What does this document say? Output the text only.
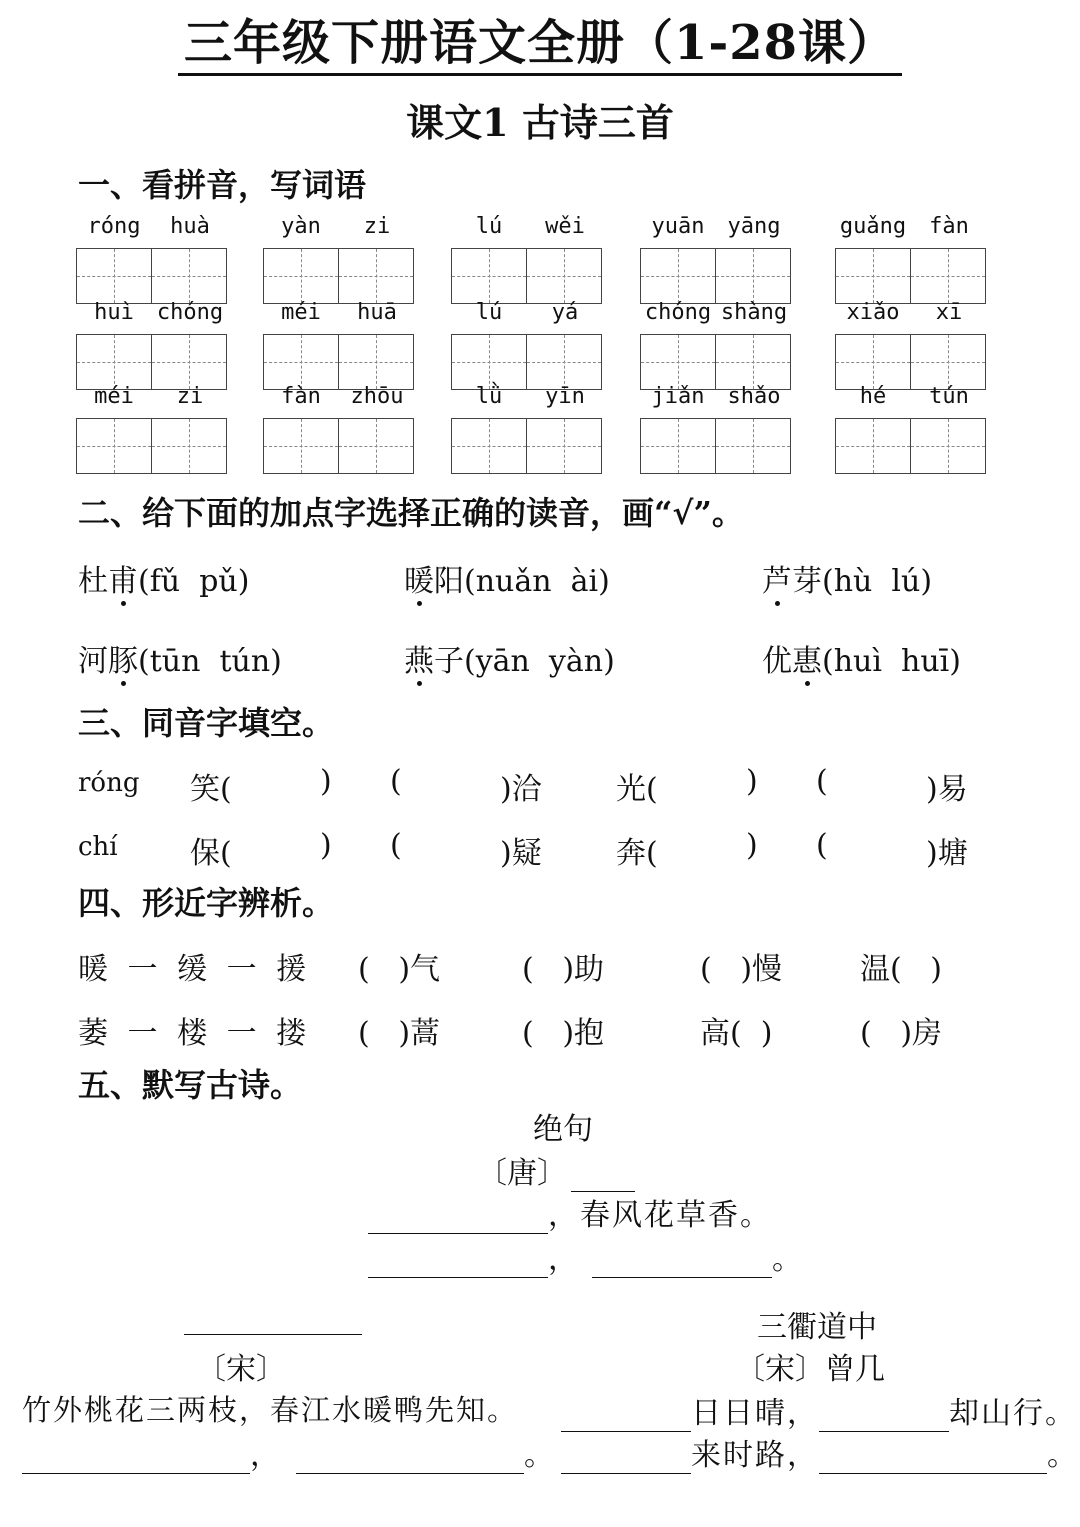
三年级下册语文全册（1-28课）
课文1 古诗三首
一、看拼音，写词语
róng	huà	yàn	zi	lú	wěi	yuān	yāng	guǎng	fàn
huì	chóng	méi	huā	lú	yá	chóng shàng	xiǎo	xī
méi	zi	fàn	zhōu	lǜ	yīn	jiǎn	shǎo	hé	tún
二、给下面的加点字选择正确的读音，画“√”。
杜甫(fǔ  pǔ)	暖阳(nuǎn  ài)	芦芽(hù  lú)
河豚(tūn  tún)	燕子(yān  yàn)	优惠(huì  huī)
三、同音字填空。
róng 笑(	) (	)洽 光(	) (	)易
chí 保(	) (	)疑 奔(	) (	)塘
四、形近字辨析。
暖 一 缓 一 援 (   )气	(   )助	(   )慢	温(   )
萎 一 楼 一 搂 (   )蒿	(   )抱	高(  )	(   )房
五、默写古诗。
绝句
〔唐〕
，春风花草香。
，	。
〔宋〕
竹外桃花三两枝，春江水暖鸭先知。
，	。
三衢道中
〔宋〕曾几
日日晴，	却山行。
来时路，	。
